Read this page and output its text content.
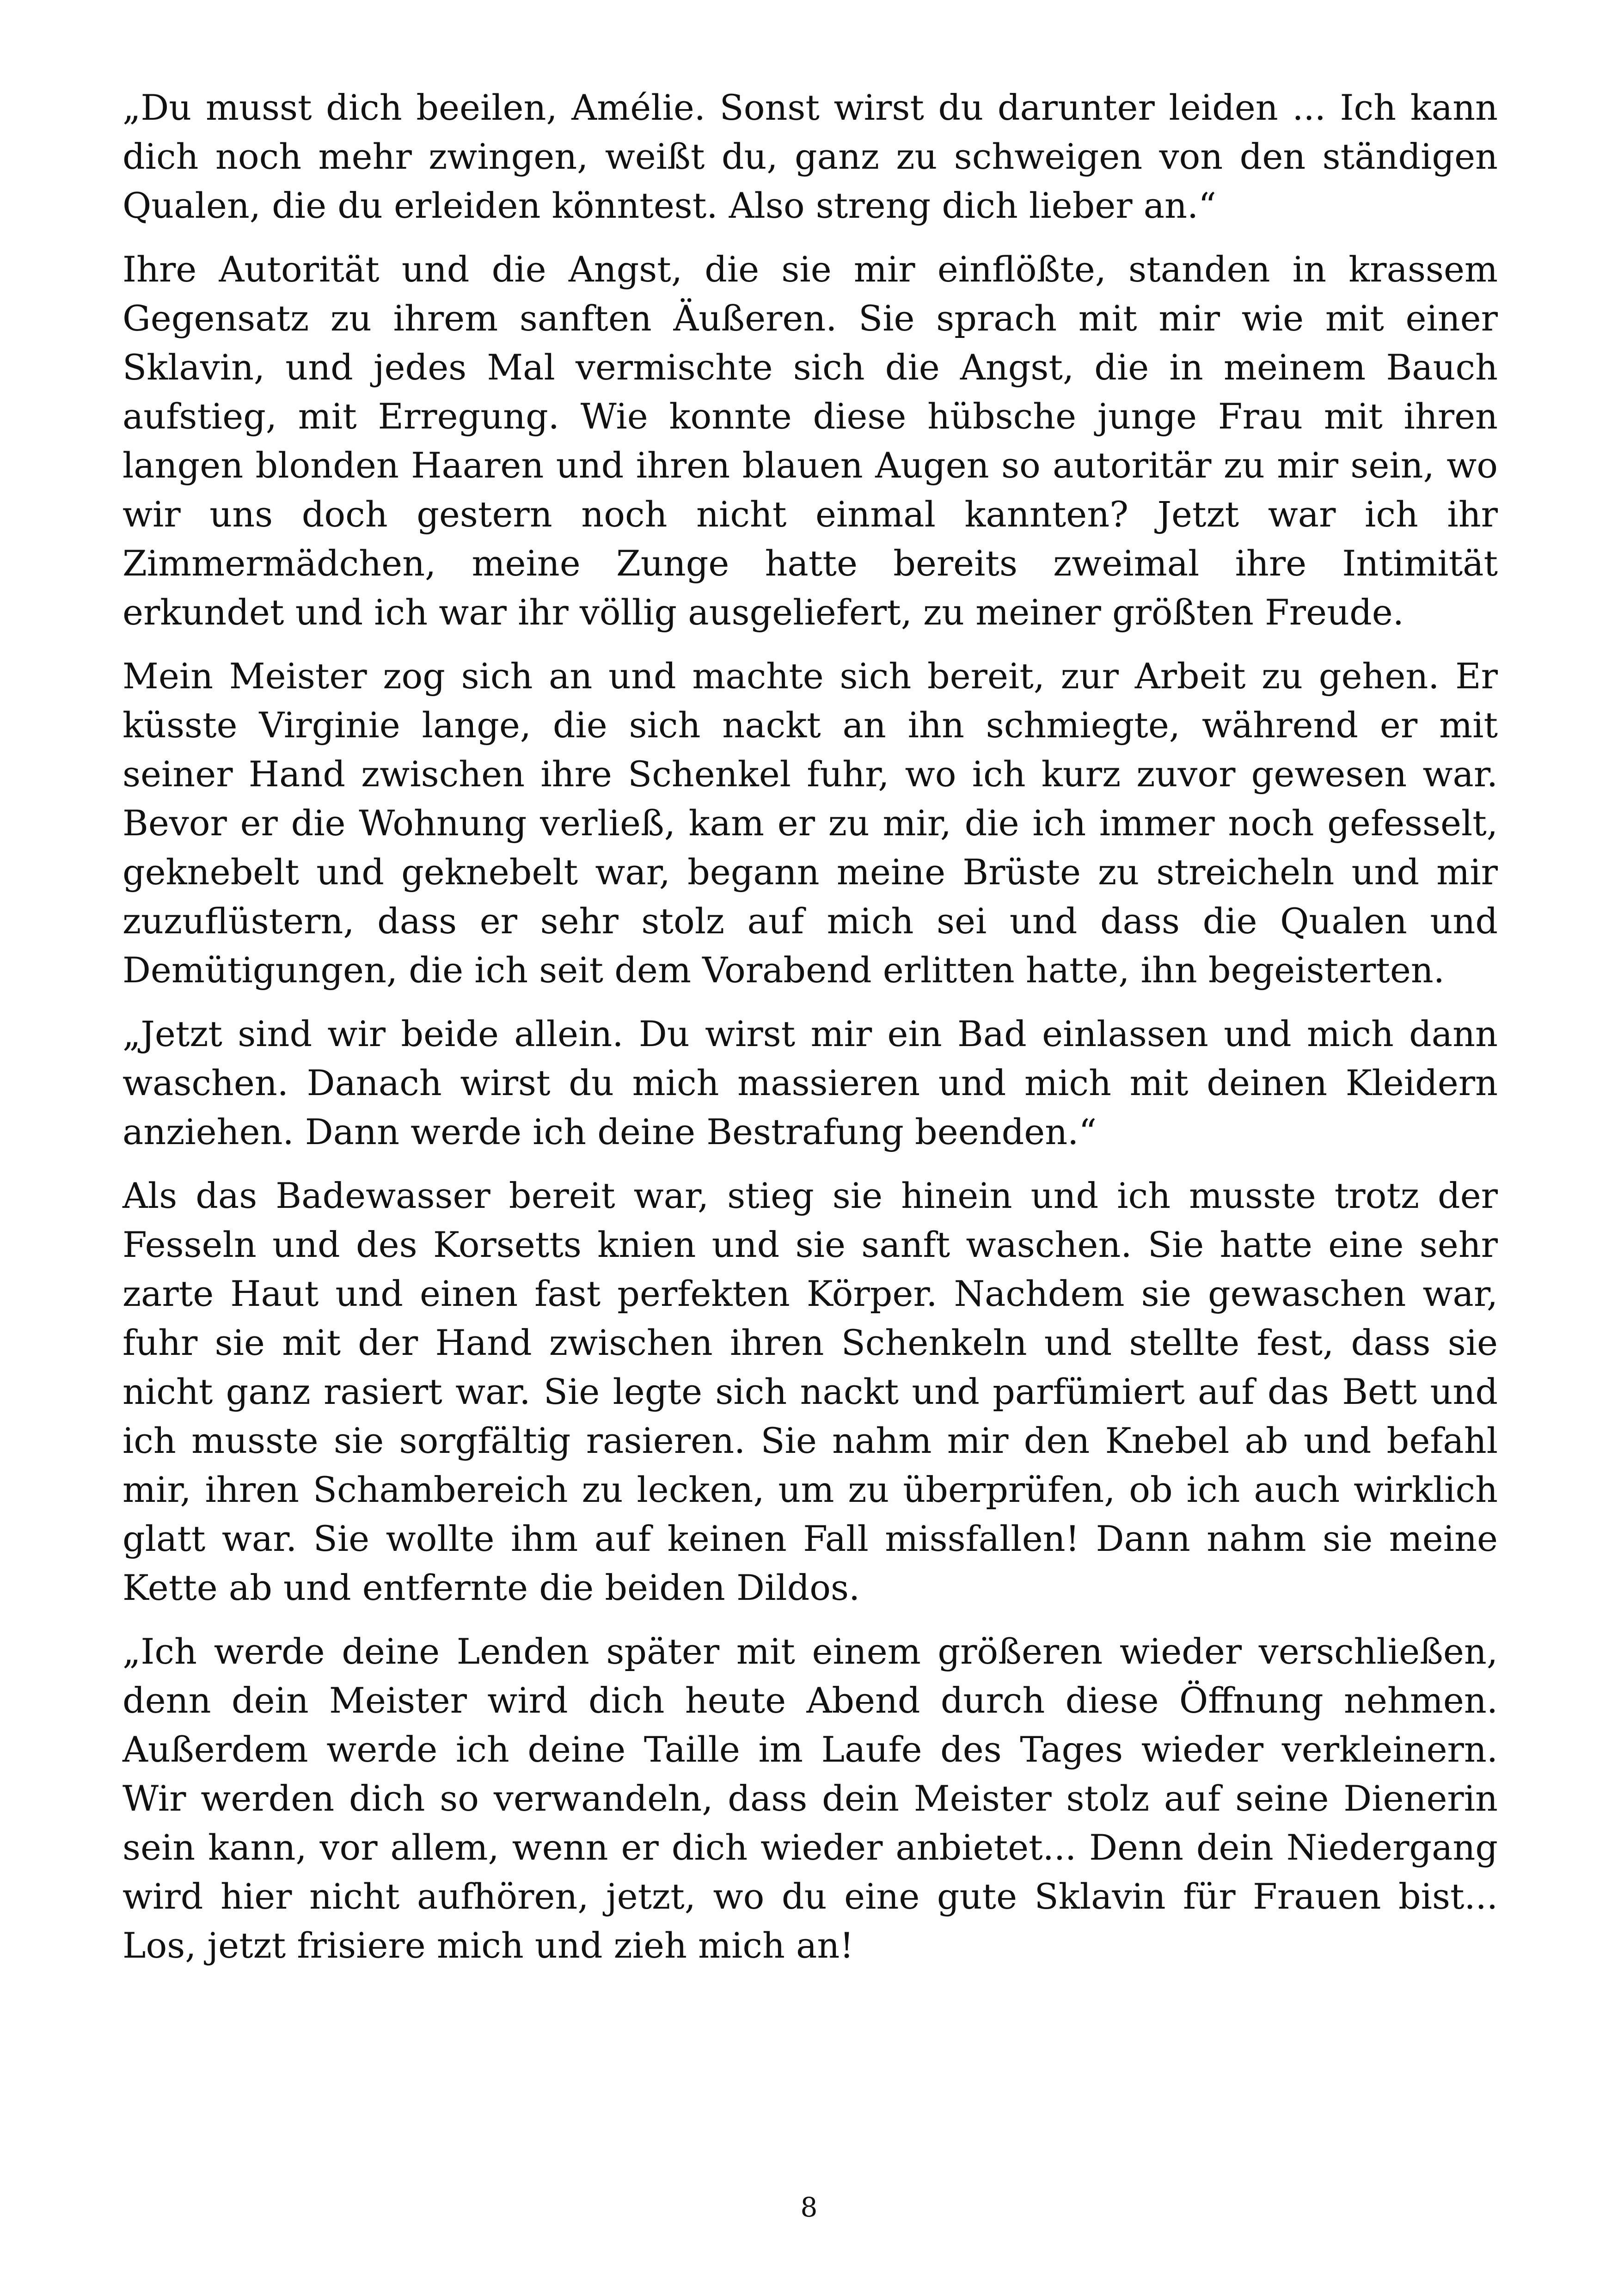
„Du musst dich beeilen, Amélie. Sonst wirst du darunter leiden ... Ich kann dich noch mehr zwingen, weißt du, ganz zu schweigen von den ständigen Qualen, die du erleiden könntest. Also streng dich lieber an.“

Ihre Autorität und die Angst, die sie mir einflößte, standen in krassem Gegensatz zu ihrem sanften Äußeren. Sie sprach mit mir wie mit einer Sklavin, und jedes Mal vermischte sich die Angst, die in meinem Bauch aufstieg, mit Erregung. Wie konnte diese hübsche junge Frau mit ihren langen blonden Haaren und ihren blauen Augen so autoritär zu mir sein, wo wir uns doch gestern noch nicht einmal kannten? Jetzt war ich ihr Zimmermädchen, meine Zunge hatte bereits zweimal ihre Intimität erkundet und ich war ihr völlig ausgeliefert, zu meiner größten Freude.

Mein Meister zog sich an und machte sich bereit, zur Arbeit zu gehen. Er küsste Virginie lange, die sich nackt an ihn schmiegte, während er mit seiner Hand zwischen ihre Schenkel fuhr, wo ich kurz zuvor gewesen war. Bevor er die Wohnung verließ, kam er zu mir, die ich immer noch gefesselt, geknebelt und geknebelt war, begann meine Brüste zu streicheln und mir zuzuflüstern, dass er sehr stolz auf mich sei und dass die Qualen und Demütigungen, die ich seit dem Vorabend erlitten hatte, ihn begeisterten.

„Jetzt sind wir beide allein. Du wirst mir ein Bad einlassen und mich dann waschen. Danach wirst du mich massieren und mich mit deinen Kleidern anziehen. Dann werde ich deine Bestrafung beenden.“

Als das Badewasser bereit war, stieg sie hinein und ich musste trotz der Fesseln und des Korsetts knien und sie sanft waschen. Sie hatte eine sehr zarte Haut und einen fast perfekten Körper. Nachdem sie gewaschen war, fuhr sie mit der Hand zwischen ihren Schenkeln und stellte fest, dass sie nicht ganz rasiert war. Sie legte sich nackt und parfümiert auf das Bett und ich musste sie sorgfältig rasieren. Sie nahm mir den Knebel ab und befahl mir, ihren Schambereich zu lecken, um zu überprüfen, ob ich auch wirklich glatt war. Sie wollte ihm auf keinen Fall missfallen! Dann nahm sie meine Kette ab und entfernte die beiden Dildos.

„Ich werde deine Lenden später mit einem größeren wieder verschließen, denn dein Meister wird dich heute Abend durch diese Öffnung nehmen. Außerdem werde ich deine Taille im Laufe des Tages wieder verkleinern. Wir werden dich so verwandeln, dass dein Meister stolz auf seine Dienerin sein kann, vor allem, wenn er dich wieder anbietet... Denn dein Niedergang wird hier nicht aufhören, jetzt, wo du eine gute Sklavin für Frauen bist... Los, jetzt frisiere mich und zieh mich an!

8
